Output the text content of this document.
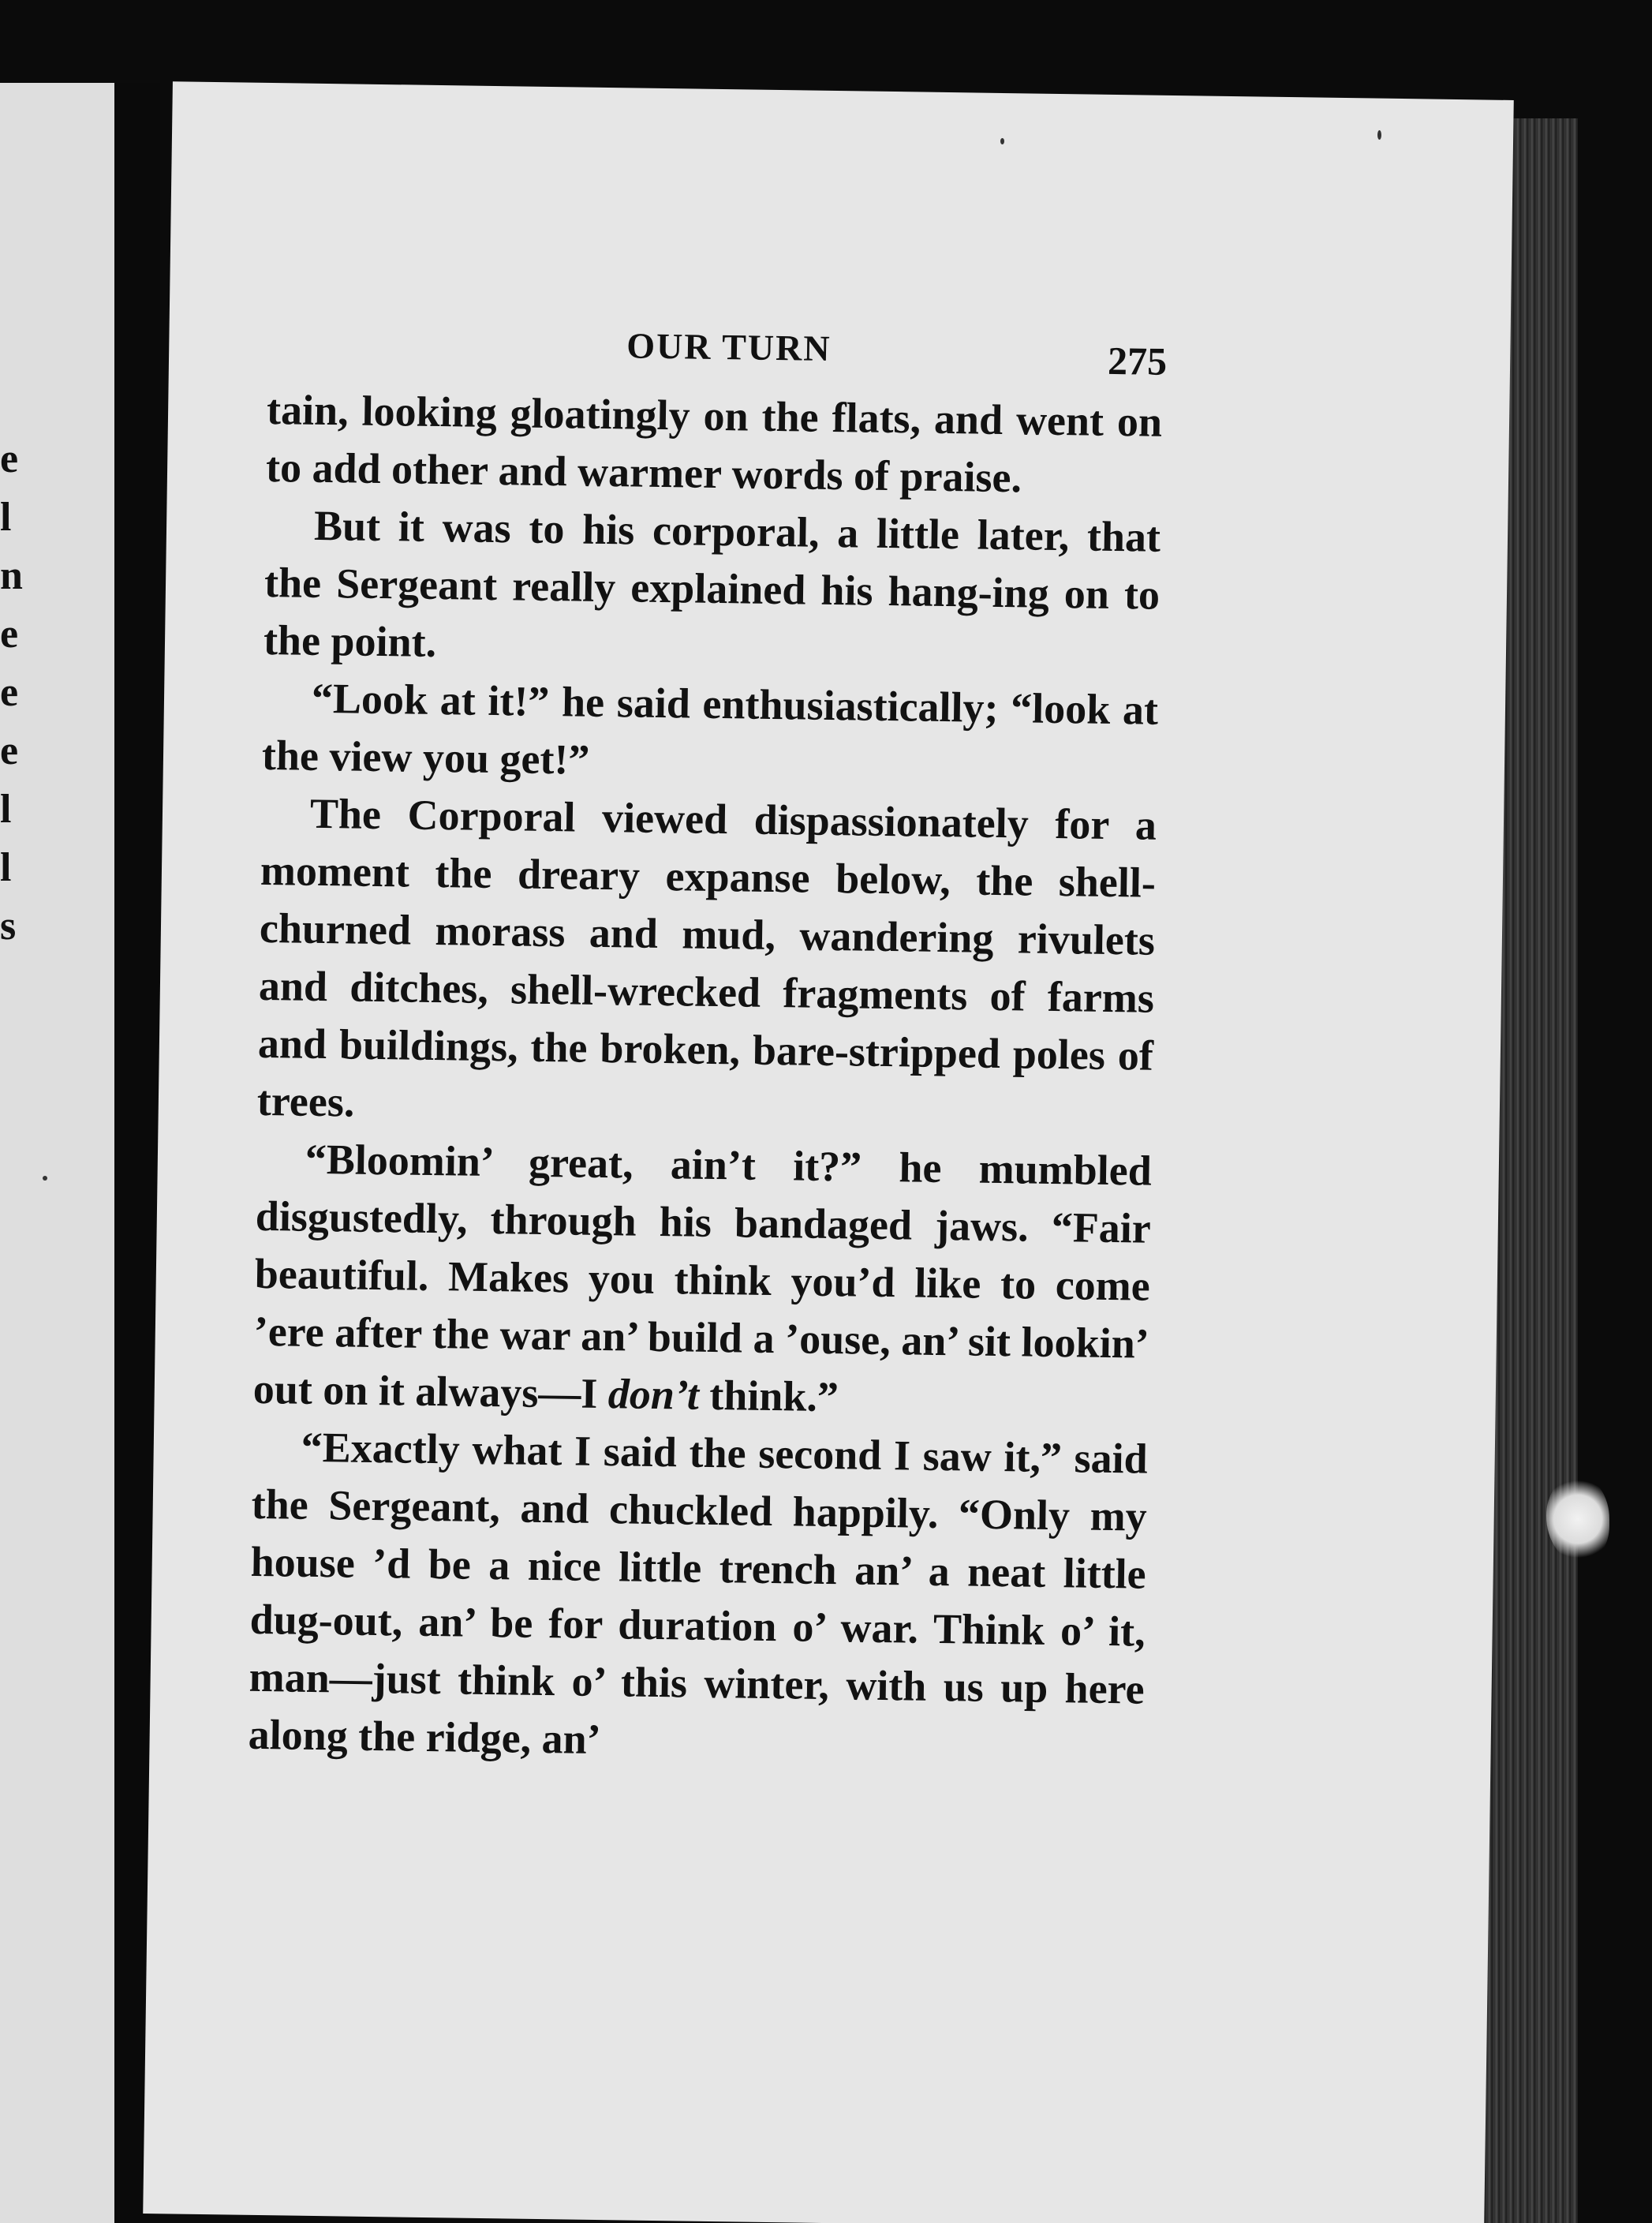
e
l
n
e
e
e
l
l
s
OUR TURN	275

tain, looking gloatingly on the flats, and went on to add other and warmer words of praise.

But it was to his corporal, a little later, that the Sergeant really explained his hang-ing on to the point.

“Look at it!” he said enthusiastically; “look at the view you get!”

The Corporal viewed dispassionately for a moment the dreary expanse below, the shell-churned morass and mud, wandering rivulets and ditches, shell-wrecked fragments of farms and buildings, the broken, bare-stripped poles of trees.

“Bloomin’ great, ain’t it?” he mumbled disgustedly, through his bandaged jaws. “Fair beautiful. Makes you think you’d like to come ’ere after the war an’ build a ’ouse, an’ sit lookin’ out on it always—I don’t think.”

“Exactly what I said the second I saw it,” said the Sergeant, and chuckled happily. “Only my house ’d be a nice little trench an’ a neat little dug-out, an’ be for duration o’ war. Think o’ it, man—just think o’ this winter, with us up here along the ridge, an’
